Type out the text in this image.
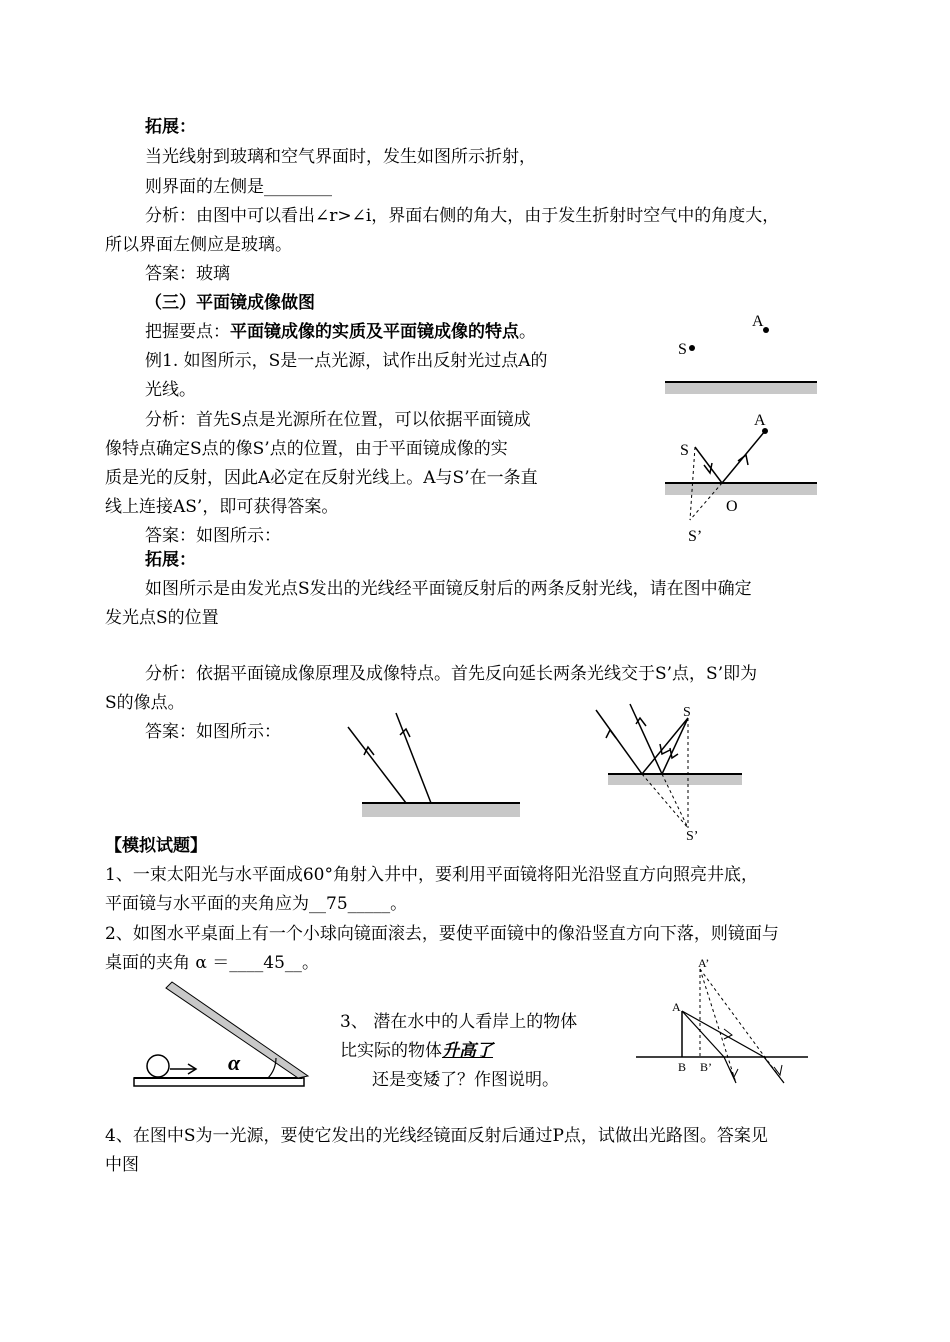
拓展：
当光线射到玻璃和空气界面时，发生如图所示折射，
则界面的左侧是________
分析：由图中可以看出∠r>∠i，界面右侧的角大，由于发生折射时空气中的角度大，
所以界面左侧应是玻璃。
答案：玻璃
（三）平面镜成像做图
把握要点：平面镜成像的实质及平面镜成像的特点。
例1. 如图所示，S是一点光源，试作出反射光过点A的
光线。
分析：首先S点是光源所在位置，可以依据平面镜成
像特点确定S点的像S’点的位置，由于平面镜成像的实
质是光的反射，因此A必定在反射光线上。A与S’在一条直
线上连接AS’，即可获得答案。
答案：如图所示：
S
A
S
A
O
S’
拓展：
如图所示是由发光点S发出的光线经平面镜反射后的两条反射光线，请在图中确定
发光点S的位置
分析：依据平面镜成像原理及成像特点。首先反向延长两条光线交于S’点，S’即为
S的像点。
答案：如图所示：
S
S’
【模拟试题】
1、一束太阳光与水平面成60°角射入井中，要利用平面镜将阳光沿竖直方向照亮井底，
平面镜与水平面的夹角应为__75_____。
2、如图水平桌面上有一个小球向镜面滚去，要使平面镜中的像沿竖直方向下落，则镜面与
桌面的夹角 α ＝____45__。
α
3、 潜在水中的人看岸上的物体
比实际的物体升高了
还是变矮了？作图说明。
A’
A
B B’
4、在图中S为一光源，要使它发出的光线经镜面反射后通过P点，试做出光路图。答案见
中图
